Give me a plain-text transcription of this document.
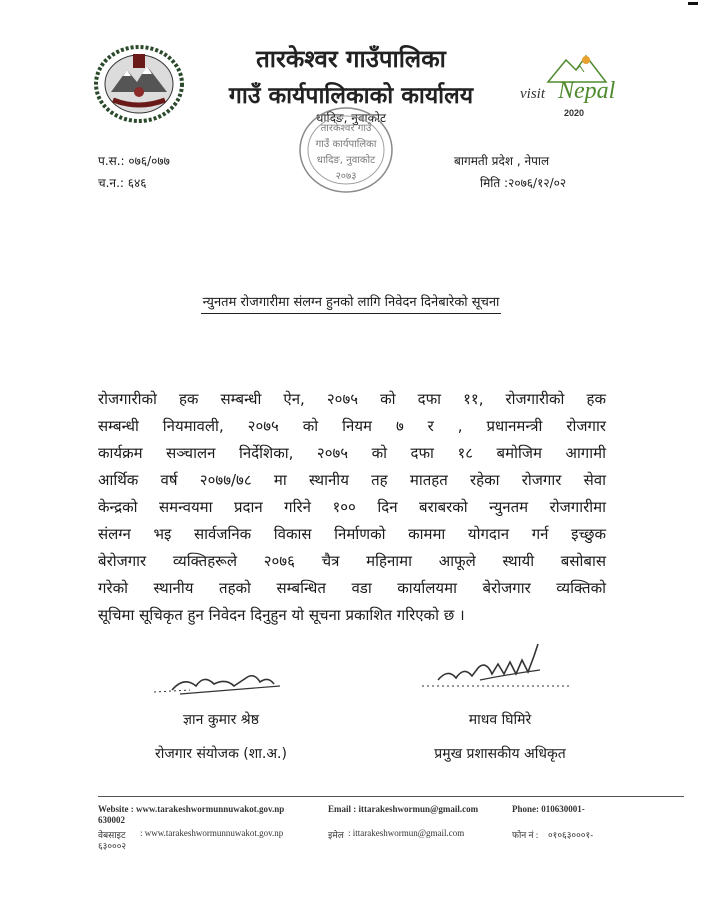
visit Nepal
2020
तारकेश्वर गाउँपालिका
गाउँ कार्यपालिकाको कार्यालय
धादिङ, नुवाकोट
तारकेश्वर गाउँ
गाउँ कार्यपालिका
धादिङ, नुवाकोट
२०७३
प.स.: ०७६/०७७
च.न.: ६४६
बागमती प्रदेश , नेपाल
मिति :२०७६/१२/०२
न्युनतम रोजगारीमा संलग्न हुनको लागि निवेदन दिनेबारेको सूचना
रोजगारीको हक सम्बन्धी ऐन, २०७५ को दफा ११, रोजगारीको हक
सम्बन्धी नियमावली, २०७५ को नियम ७ र , प्रधानमन्त्री रोजगार
कार्यक्रम सञ्चालन निर्देशिका, २०७५ को दफा १८ बमोजिम आगामी
आर्थिक वर्ष २०७७/७८ मा स्थानीय तह मातहत रहेका रोजगार सेवा
केन्द्रको समन्वयमा प्रदान गरिने १०० दिन बराबरको न्युनतम रोजगारीमा
संलग्न भइ सार्वजनिक विकास निर्माणको काममा योगदान गर्न इच्छुक
बेरोजगार व्यक्तिहरूले २०७६ चैत्र महिनामा आफूले स्थायी बसोबास
गरेको स्थानीय तहको सम्बन्धित वडा कार्यालयमा बेरोजगार व्यक्तिको
सूचिमा सूचिकृत हुन निवेदन दिनुहुन यो सूचना प्रकाशित गरिएको छ ।
ज्ञान कुमार श्रेष्ठ
रोजगार संयोजक (शा.अ.)
माधव घिमिरे
प्रमुख प्रशासकीय अधिकृत
Website : www.tarakeshwormunnuwakot.gov.np	Email : ittarakeshwormun@gmail.com	Phone: 010630001-
630002
वेबसाइट : www.tarakeshwormunnuwakot.gov.np	इमेल : ittarakeshwormun@gmail.com	फोन नं : ०१०६३०००१-
६३०००२
